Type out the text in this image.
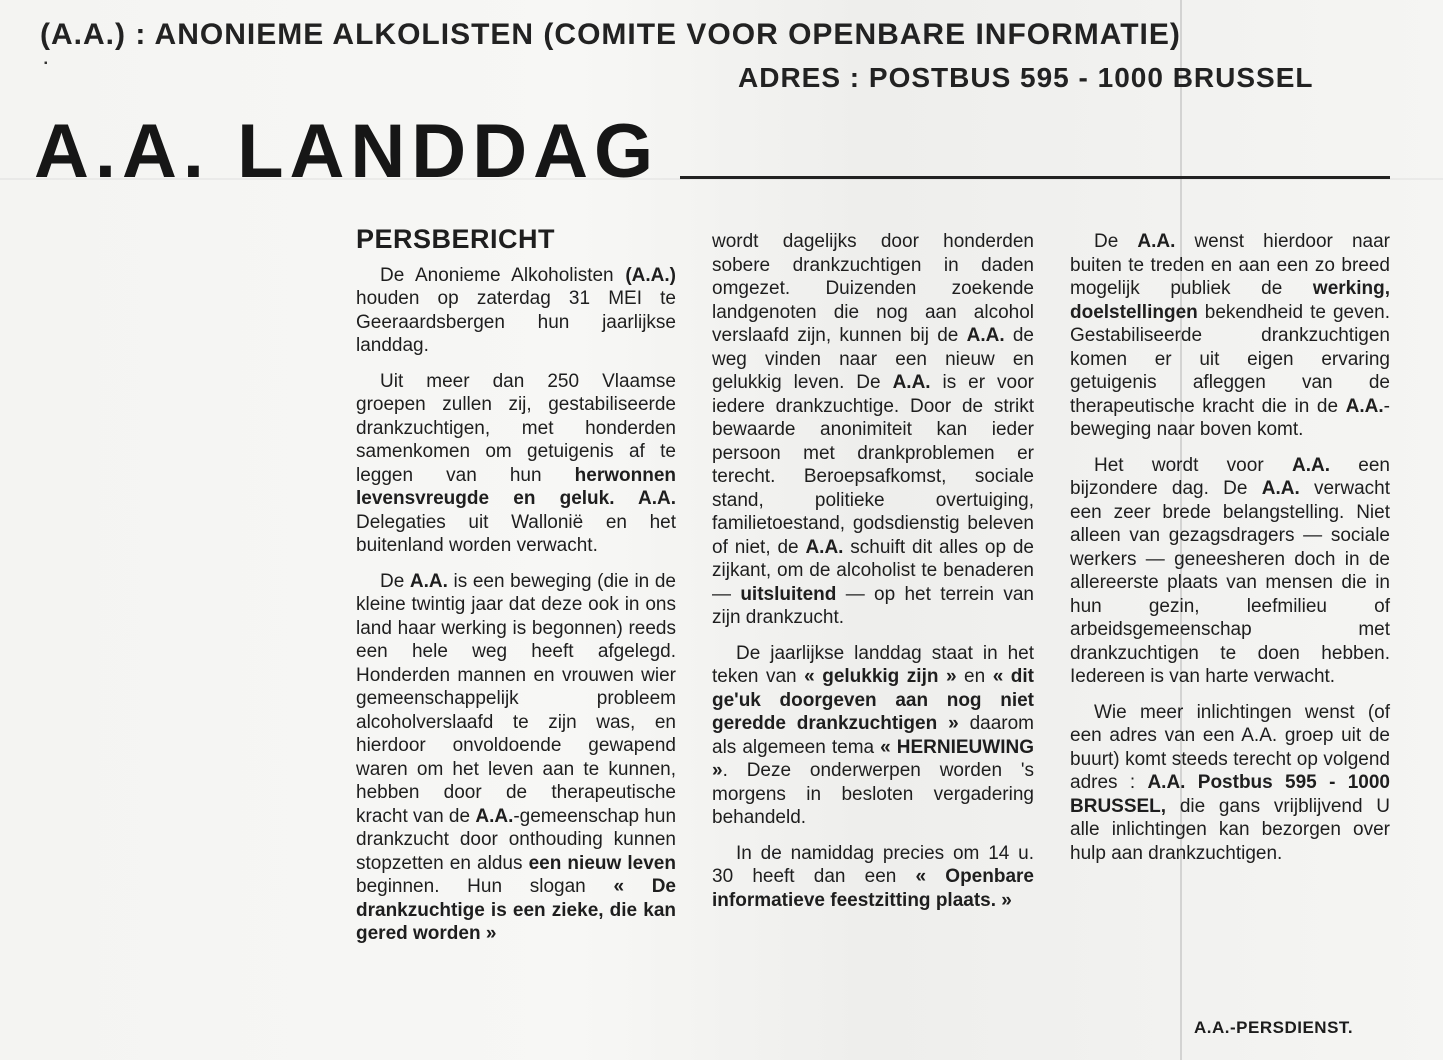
▪
(A.A.) : ANONIEME ALKOLISTEN (COMITE VOOR OPENBARE INFORMATIE)
ADRES : POSTBUS 595 - 1000 BRUSSEL
A.A. LANDDAG
PERSBERICHT

De Anonieme Alkoholisten (A.A.) houden op zaterdag 31 MEI te Geeraardsbergen hun jaarlijkse landdag.

Uit meer dan 250 Vlaamse groepen zullen zij, gestabiliseerde drankzuchtigen, met honderden samenkomen om getuigenis af te leggen van hun herwonnen levensvreugde en geluk. A.A. Delegaties uit Wallonië en het buitenland worden verwacht.

De A.A. is een beweging (die in de kleine twintig jaar dat deze ook in ons land haar werking is begonnen) reeds een hele weg heeft afgelegd. Honderden mannen en vrouwen wier gemeenschappelijk probleem alcoholverslaafd te zijn was, en hierdoor onvoldoende gewapend waren om het leven aan te kunnen, hebben door de therapeutische kracht van de A.A.-gemeenschap hun drankzucht door onthouding kunnen stopzetten en aldus een nieuw leven beginnen. Hun slogan « De drankzuchtige is een zieke, die kan gered worden »

wordt dagelijks door honderden sobere drankzuchtigen in daden omgezet. Duizenden zoekende landgenoten die nog aan alcohol verslaafd zijn, kunnen bij de A.A. de weg vinden naar een nieuw en gelukkig leven. De A.A. is er voor iedere drankzuchtige. Door de strikt bewaarde anonimiteit kan ieder persoon met drankproblemen er terecht. Beroepsafkomst, sociale stand, politieke overtuiging, familietoestand, godsdienstig beleven of niet, de A.A. schuift dit alles op de zijkant, om de alcoholist te benaderen — uitsluitend — op het terrein van zijn drankzucht.

De jaarlijkse landdag staat in het teken van « gelukkig zijn » en « dit ge'uk doorgeven aan nog niet geredde drankzuchtigen » daarom als algemeen tema « HERNIEUWING ». Deze onderwerpen worden 's morgens in besloten vergadering behandeld.

In de namiddag precies om 14 u. 30 heeft dan een « Openbare informatieve feestzitting plaats. »

De A.A. wenst hierdoor naar buiten te treden en aan een zo breed mogelijk publiek de werking, doelstellingen bekendheid te geven. Gestabiliseerde drankzuchtigen komen er uit eigen ervaring getuigenis afleggen van de therapeutische kracht die in de A.A.-beweging naar boven komt.

Het wordt voor A.A. een bijzondere dag. De A.A. verwacht een zeer brede belangstelling. Niet alleen van gezagsdragers — sociale werkers — geneesheren doch in de allereerste plaats van mensen die in hun gezin, leefmilieu of arbeidsgemeenschap met drankzuchtigen te doen hebben. Iedereen is van harte verwacht.

Wie meer inlichtingen wenst (of een adres van een A.A. groep uit de buurt) komt steeds terecht op volgend adres : A.A. Postbus 595 - 1000 BRUSSEL, die gans vrijblijvend U alle inlichtingen kan bezorgen over hulp aan drankzuchtigen.

A.A.-PERSDIENST.
